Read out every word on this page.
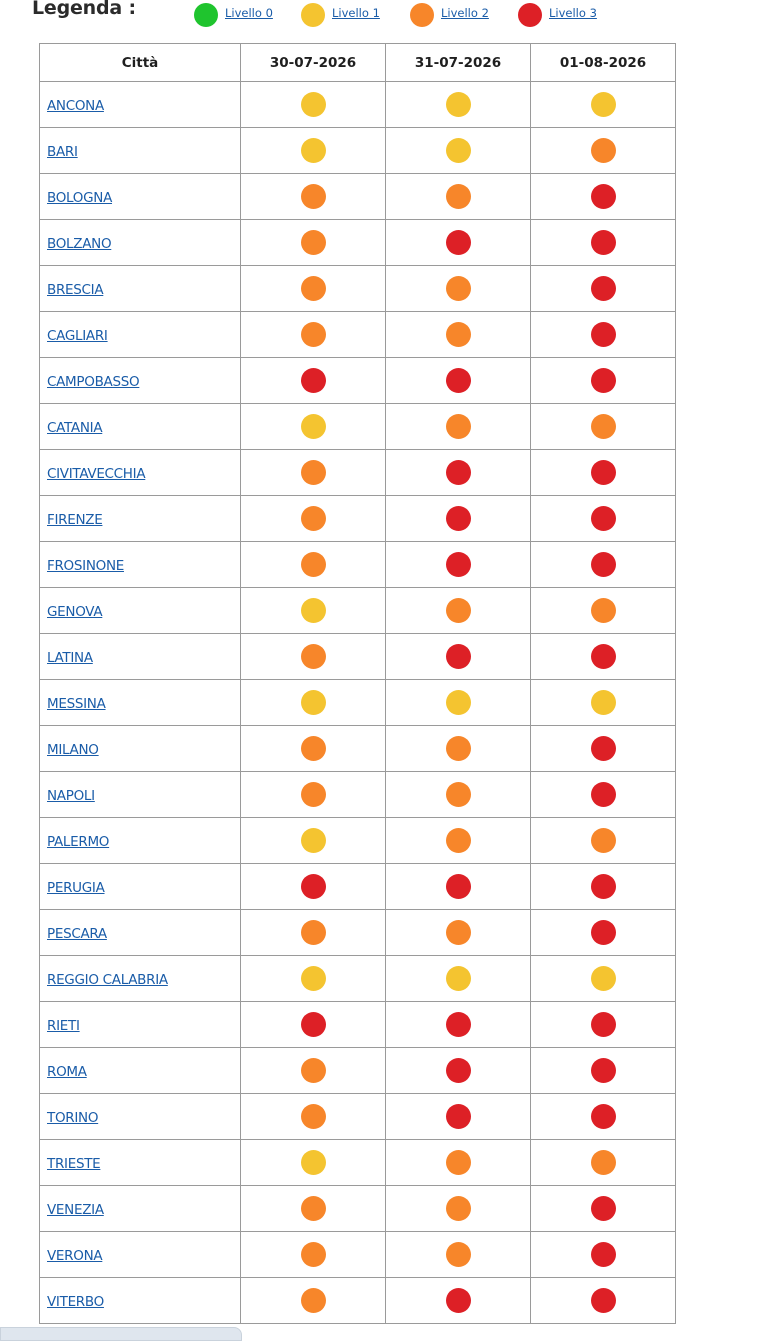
Legenda :	Livello 0	Livello 1	Livello 2	Livello 3
Città	30-07-2026	31-07-2026	01-08-2026
ANCONA			
BARI			
BOLOGNA			
BOLZANO			
BRESCIA			
CAGLIARI			
CAMPOBASSO			
CATANIA			
CIVITAVECCHIA			
FIRENZE			
FROSINONE			
GENOVA			
LATINA			
MESSINA			
MILANO			
NAPOLI			
PALERMO			
PERUGIA			
PESCARA			
REGGIO CALABRIA			
RIETI			
ROMA			
TORINO			
TRIESTE			
VENEZIA			
VERONA			
VITERBO			
